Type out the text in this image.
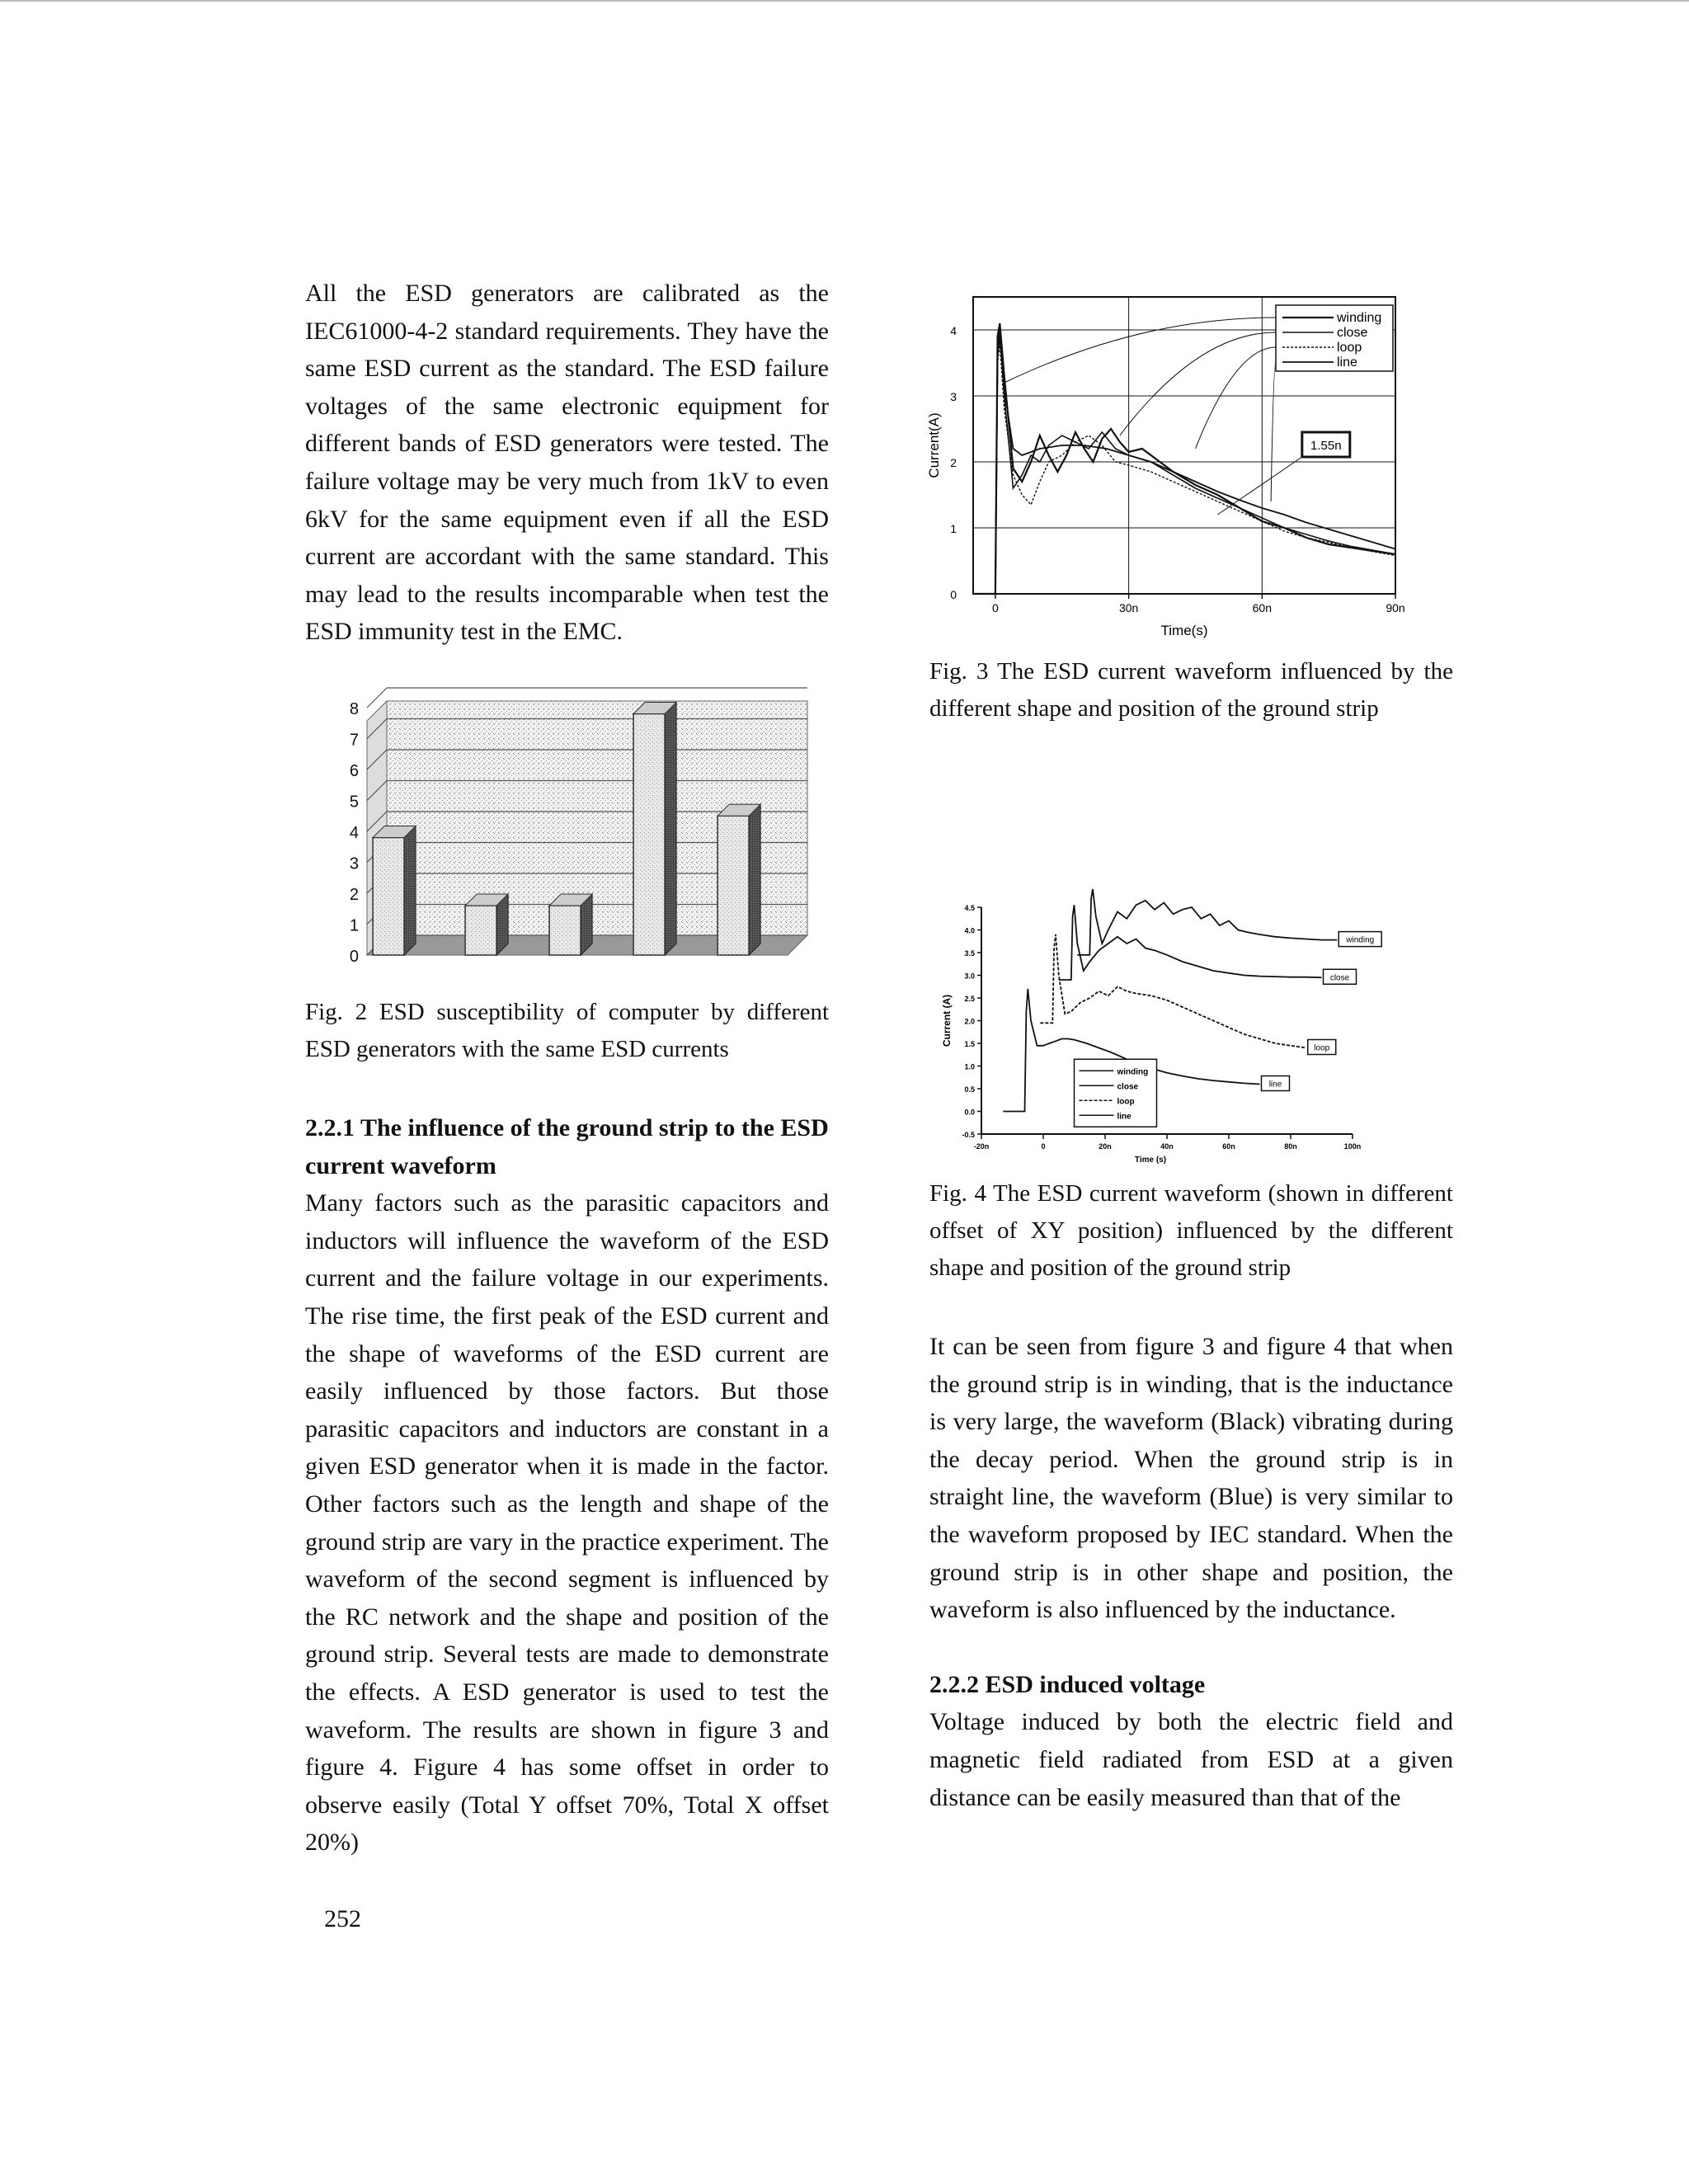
All the ESD generators are calibrated as the IEC61000-4-2 standard requirements. They have the same ESD current as the standard. The ESD failure voltages of the same electronic equipment for different bands of ESD generators were tested. The failure voltage may be very much from 1kV to even 6kV for the same equipment even if all the ESD current are accordant with the same standard. This may lead to the results incomparable when test the ESD immunity test in the EMC.

0
1
2
3
4
5
6
7
8
Fig. 2 ESD susceptibility of computer by different ESD generators with the same ESD currents

2.2.1 The influence of the ground strip to the ESD current waveform

Many factors such as the parasitic capacitors and inductors will influence the waveform of the ESD current and the failure voltage in our experiments. The rise time, the first peak of the ESD current and the shape of waveforms of the ESD current are easily influenced by those factors. But those parasitic capacitors and inductors are constant in a given ESD generator when it is made in the factor. Other factors such as the length and shape of the ground strip are vary in the practice experiment. The waveform of the second segment is influenced by the RC network and the shape and position of the ground strip. Several tests are made to demonstrate the effects. A ESD generator is used to test the waveform. The results are shown in figure 3 and figure 4. Figure 4 has some offset in order to observe easily (Total Y offset 70%, Total X offset 20%)

0
1
2
3
4
0	30n	60n	90n
Time(s)
Current(A)
winding
close
loop
line
1.55n
Fig. 3 The ESD current waveform influenced by the different shape and position of the ground strip
-0.5
0.0
0.5
1.0
1.5
2.0
2.5
3.0
3.5
4.0
4.5
-20n	0	20n	40n	60n	80n	100n
Time (s)
Current (A)
line
loop
close
winding
winding
close
loop
line
Fig. 4 The ESD current waveform (shown in different offset of XY position) influenced by the different shape and position of the ground strip

It can be seen from figure 3 and figure 4 that when the ground strip is in winding, that is the inductance is very large, the waveform (Black) vibrating during the decay period. When the ground strip is in straight line, the waveform (Blue) is very similar to the waveform proposed by IEC standard. When the ground strip is in other shape and position, the waveform is also influenced by the inductance.

2.2.2 ESD induced voltage

Voltage induced by both the electric field and magnetic field radiated from ESD at a given distance can be easily measured than that of the

252
